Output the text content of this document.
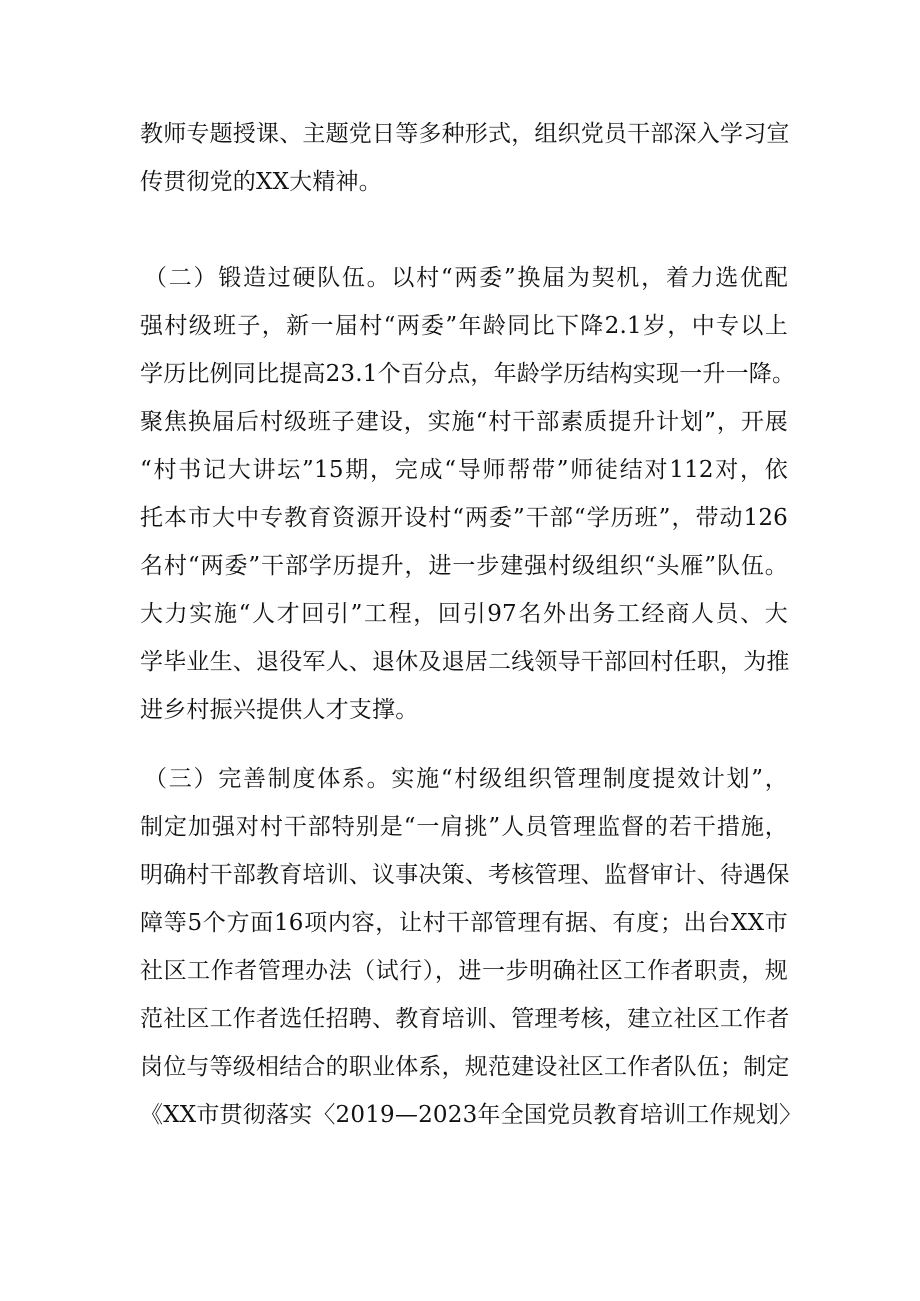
教师专题授课、主题党日等多种形式，组织党员干部深入学习宣
传贯彻党的XX大精神。
（二）锻造过硬队伍。以村“两委”换届为契机，着力选优配
强村级班子，新一届村“两委”年龄同比下降2.1岁，中专以上
学历比例同比提高23.1个百分点，年龄学历结构实现一升一降。
聚焦换届后村级班子建设，实施“村干部素质提升计划”，开展
“村书记大讲坛”15期，完成“导师帮带”师徒结对112对，依
托本市大中专教育资源开设村“两委”干部“学历班”，带动126
名村“两委”干部学历提升，进一步建强村级组织“头雁”队伍。
大力实施“人才回引”工程，回引97名外出务工经商人员、大
学毕业生、退役军人、退休及退居二线领导干部回村任职，为推
进乡村振兴提供人才支撑。
（三）完善制度体系。实施“村级组织管理制度提效计划”，
制定加强对村干部特别是“一肩挑”人员管理监督的若干措施，
明确村干部教育培训、议事决策、考核管理、监督审计、待遇保
障等5个方面16项内容，让村干部管理有据、有度；出台XX市
社区工作者管理办法（试行），进一步明确社区工作者职责，规
范社区工作者选任招聘、教育培训、管理考核，建立社区工作者
岗位与等级相结合的职业体系，规范建设社区工作者队伍；制定
《XX市贯彻落实〈2019—2023年全国党员教育培训工作规划〉
